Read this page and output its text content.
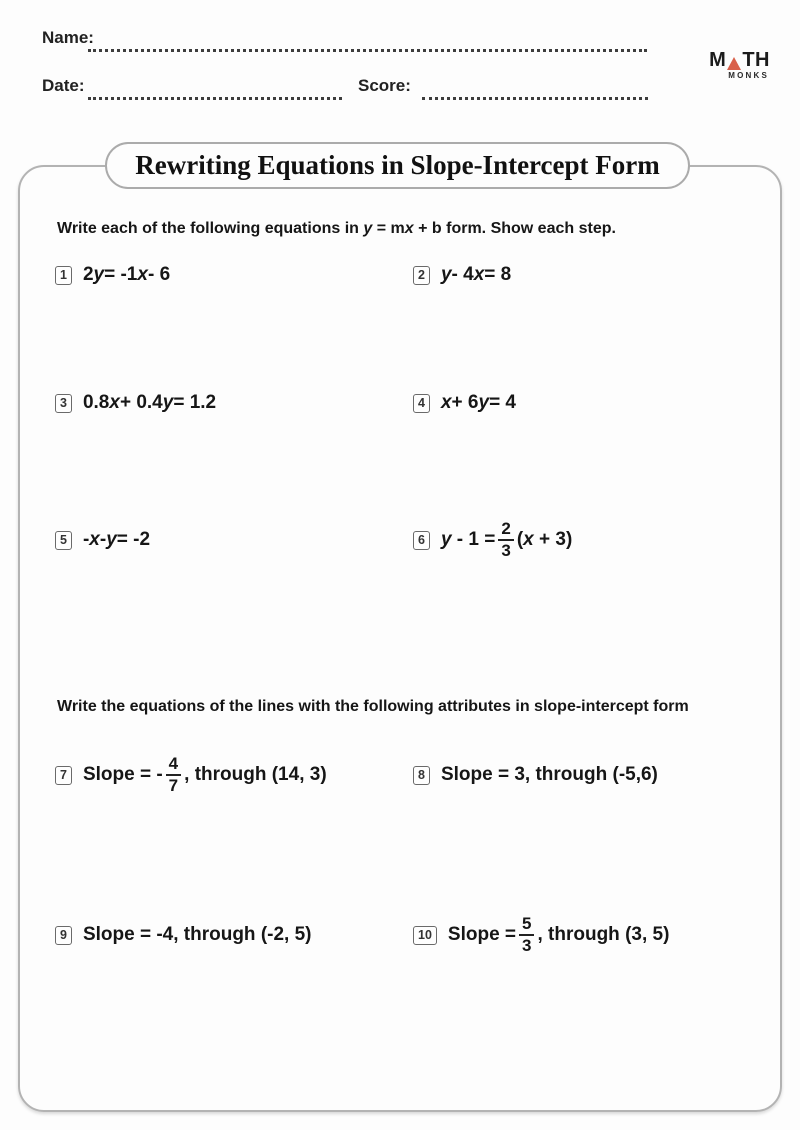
Name:
Date:	Score:
M TH
MONKS
Rewriting Equations in Slope-Intercept Form
Write each of the following equations in y = mx + b form. Show each step.
1 2 y = -1 x - 6	2 y - 4 x = 8
3 0.8 x + 0.4 y = 1.2	4 x + 6 y = 4
5 - x - y = -2	6 $y - 1 = \frac{2}{3} (x + 3)$
Write the equations of the lines with the following attributes in slope-intercept form
7 Slope = - $\frac{4}{7}$ , through (14, 3)	8 Slope = 3, through (-5,6)
9 Slope = -4, through (-2, 5)	10 Slope = $\frac{5}{3}$ , through (3, 5)
